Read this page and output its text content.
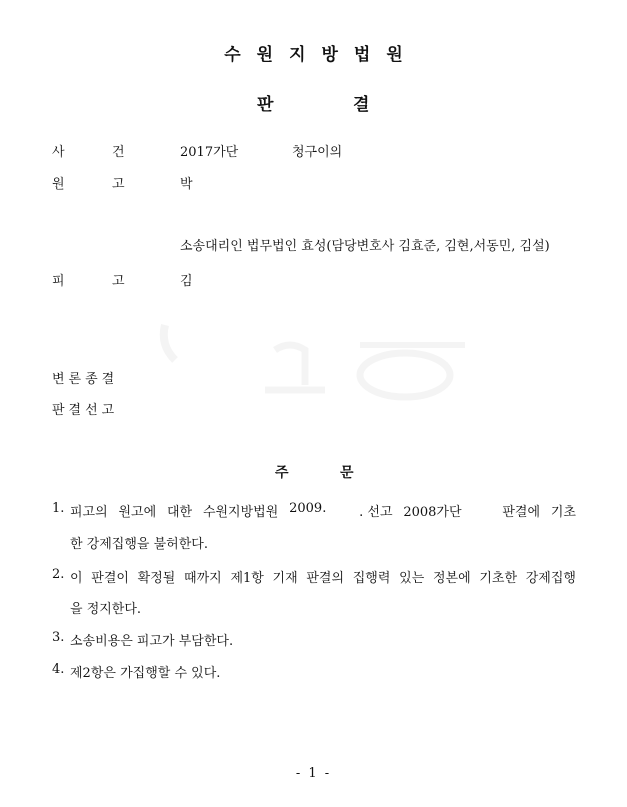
수원지방법원
판	결
사	건	2017가단	청구이의
원	고	박
소송대리인 법무법인 효성(담당변호사 김효준, 김현,서동민, 김설)
피	고	김
변론종결
판결선고
주	문
1. 피고의 원고에 대한 수원지방법원 2009.	. 선고 2008가단	판결에 기초
한 강제집행을 불허한다.
2. 이 판결이 확정될 때까지 제1항 기재 판결의 집행력 있는 정본에 기초한 강제집행
을 정지한다.
3. 소송비용은 피고가 부담한다.
4. 제2항은 가집행할 수 있다.
- 1 -
